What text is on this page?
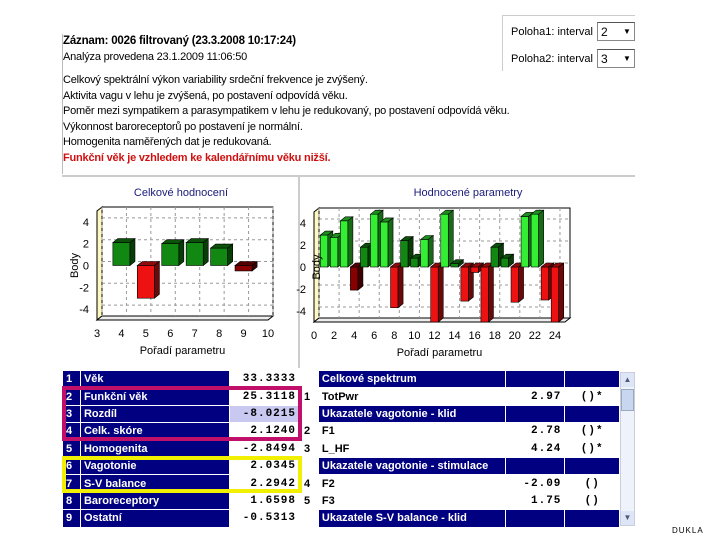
Záznam: 0026 filtrovaný (23.3.2008 10:17:24)
Analýza provedena 23.1.2009 11:06:50
Celkový spektrální výkon variability srdeční frekvence je zvýšený.
Aktivita vagu v lehu je zvýšená, po postavení odpovídá věku.
Poměr mezi sympatikem a parasympatikem v lehu je redukovaný, po postavení odpovídá věku.
Výkonnost baroreceptorů po postavení je normální.
Homogenita naměřených dat je redukovaná.
Funkční věk je vzhledem ke kalendářnímu věku nižší.
Poloha1: interval 2 ▼
Poloha2: interval 3 ▼
Celkové hodnocení
4
2
0
-2
-4
3 4 5 6 7 8 9 10
Pořadí parametru
Body
Hodnocené parametry
4
2
0
-2
-4
0 2 4 6 8 10 12 14 16 18 20 22 24
Pořadí parametru
Body
1	Věk	33.3333
2	Funkční věk	25.3118
3	Rozdíl	-8.0215
4	Celk. skóre	2.1240
5	Homogenita	-2.8494
6	Vagotonie	2.0345
7	S-V balance	2.2942
8	Baroreceptory	1.6598
9	Ostatní	-0.5313
	Celkové spektrum		
1	TotPwr	2.97	()*
	Ukazatele vagotonie - klid		
2	F1	2.78	()*
3	L_HF	4.24	()*
	Ukazatele vagotonie - stimulace		
4	F2	-2.09	()
5	F3	1.75	()
	Ukazatele S-V balance - klid		
▲
▼
DUKLA
